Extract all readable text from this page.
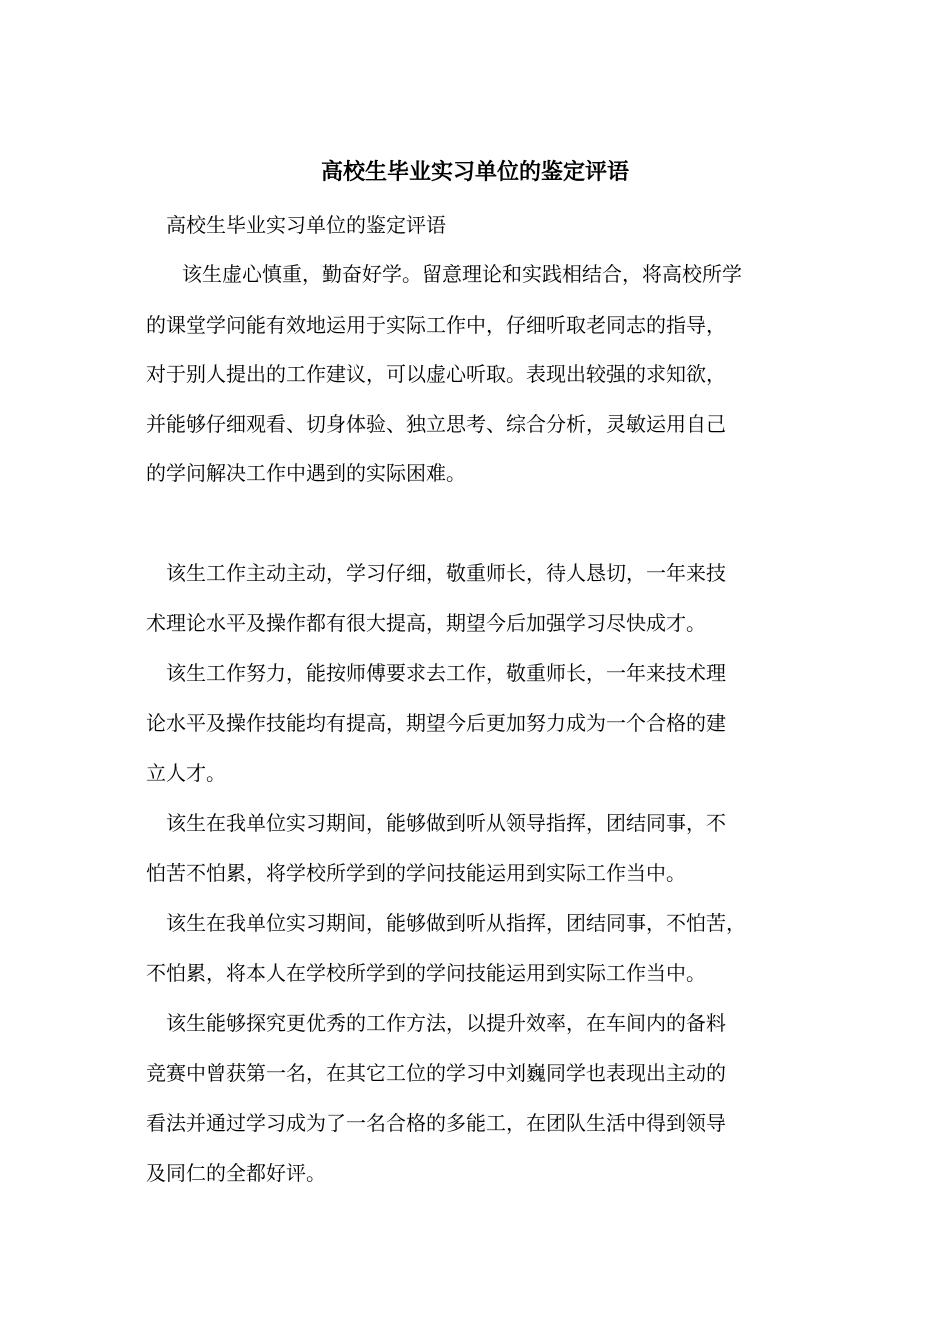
高校生毕业实习单位的鉴定评语
高校生毕业实习单位的鉴定评语
该生虚心慎重，勤奋好学。留意理论和实践相结合，将高校所学
的课堂学问能有效地运用于实际工作中，仔细听取老同志的指导，
对于别人提出的工作建议，可以虚心听取。表现出较强的求知欲，
并能够仔细观看、切身体验、独立思考、综合分析，灵敏运用自己
的学问解决工作中遇到的实际困难。
该生工作主动主动，学习仔细，敬重师长，待人恳切，一年来技
术理论水平及操作都有很大提高，期望今后加强学习尽快成才。
该生工作努力，能按师傅要求去工作，敬重师长，一年来技术理
论水平及操作技能均有提高，期望今后更加努力成为一个合格的建
立人才。
该生在我单位实习期间，能够做到听从领导指挥，团结同事，不
怕苦不怕累，将学校所学到的学问技能运用到实际工作当中。
该生在我单位实习期间，能够做到听从指挥，团结同事，不怕苦，
不怕累，将本人在学校所学到的学问技能运用到实际工作当中。
该生能够探究更优秀的工作方法，以提升效率，在车间内的备料
竞赛中曾获第一名，在其它工位的学习中刘巍同学也表现出主动的
看法并通过学习成为了一名合格的多能工，在团队生活中得到领导
及同仁的全都好评。
